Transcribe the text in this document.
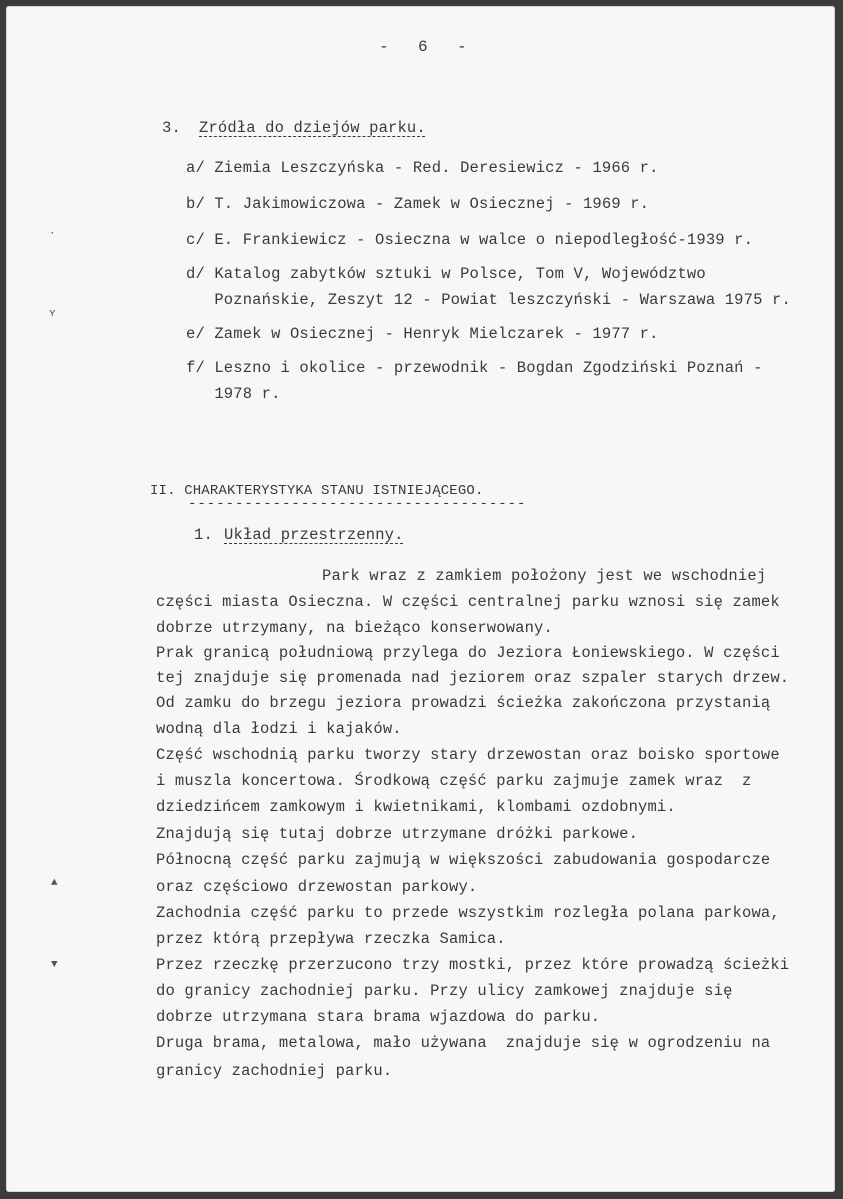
-   6   -
3. Zródła do dziejów parku.
a/ Ziemia Leszczyńska - Red. Deresiewicz - 1966 r.
b/ T. Jakimowiczowa - Zamek w Osiecznej - 1969 r.
c/ E. Frankiewicz - Osieczna w walce o niepodległość-1939 r.
d/ Katalog zabytków sztuki w Polsce, Tom V, Województwo
Poznańskie, Zeszyt 12 - Powiat leszczyński - Warszawa 1975 r.
e/ Zamek w Osiecznej - Henryk Mielczarek - 1977 r.
f/ Leszno i okolice - przewodnik - Bogdan Zgodziński Poznań -
1978 r.
II. CHARAKTERYSTYKA STANU ISTNIEJĄCEGO.
------------------------------------
1. Układ przestrzenny.
Park wraz z zamkiem położony jest we wschodniej
części miasta Osieczna. W części centralnej parku wznosi się zamek
dobrze utrzymany, na bieżąco konserwowany.
Prak granicą południową przylega do Jeziora Łoniewskiego. W części
tej znajduje się promenada nad jeziorem oraz szpaler starych drzew.
Od zamku do brzegu jeziora prowadzi ścieżka zakończona przystanią
wodną dla łodzi i kajaków.
Część wschodnią parku tworzy stary drzewostan oraz boisko sportowe
i muszla koncertowa. Środkową część parku zajmuje zamek wraz  z
dziedzińcem zamkowym i kwietnikami, klombami ozdobnymi.
Znajdują się tutaj dobrze utrzymane dróżki parkowe.
Północną część parku zajmują w większości zabudowania gospodarcze
oraz częściowo drzewostan parkowy.
Zachodnia część parku to przede wszystkim rozległa polana parkowa,
przez którą przepływa rzeczka Samica.
Przez rzeczkę przerzucono trzy mostki, przez które prowadzą ścieżki
do granicy zachodniej parku. Przy ulicy zamkowej znajduje się
dobrze utrzymana stara brama wjazdowa do parku.
Druga brama, metalowa, mało używana  znajduje się w ogrodzeniu na
granicy zachodniej parku.
·
ʏ
▲
▼
